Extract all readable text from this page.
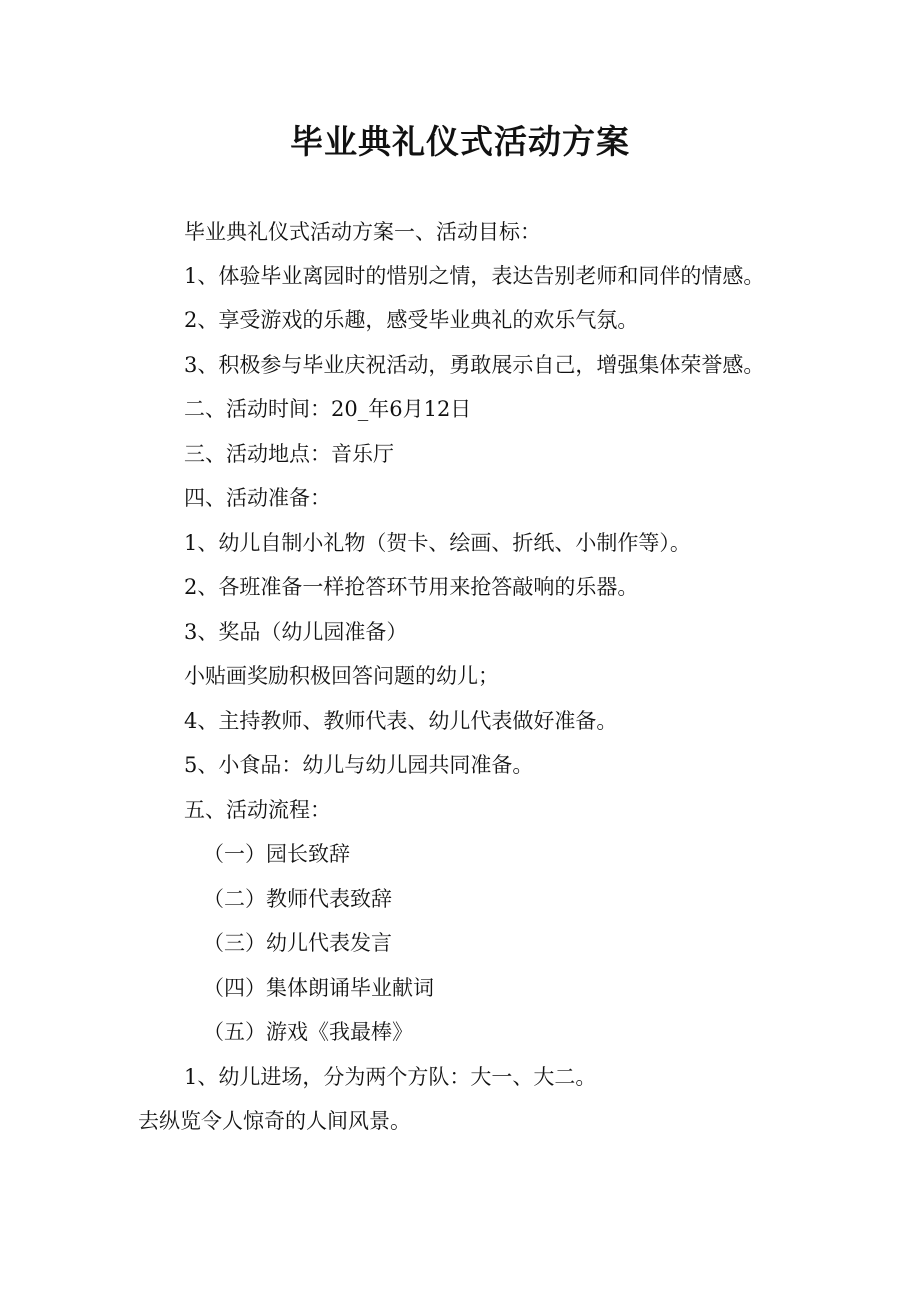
毕业典礼仪式活动方案
毕业典礼仪式活动方案一、活动目标：
1、体验毕业离园时的惜别之情，表达告别老师和同伴的情感。
2、享受游戏的乐趣，感受毕业典礼的欢乐气氛。
3、积极参与毕业庆祝活动，勇敢展示自己，增强集体荣誉感。
二、活动时间：20_年6月12日
三、活动地点：音乐厅
四、活动准备：
1、幼儿自制小礼物（贺卡、绘画、折纸、小制作等）。
2、各班准备一样抢答环节用来抢答敲响的乐器。
3、奖品（幼儿园准备）
小贴画奖励积极回答问题的幼儿；
4、主持教师、教师代表、幼儿代表做好准备。
5、小食品：幼儿与幼儿园共同准备。
五、活动流程：
（一）园长致辞
（二）教师代表致辞
（三）幼儿代表发言
（四）集体朗诵毕业献词
（五）游戏《我最棒》
1、幼儿进场，分为两个方队：大一、大二。
去纵览令人惊奇的人间风景。
